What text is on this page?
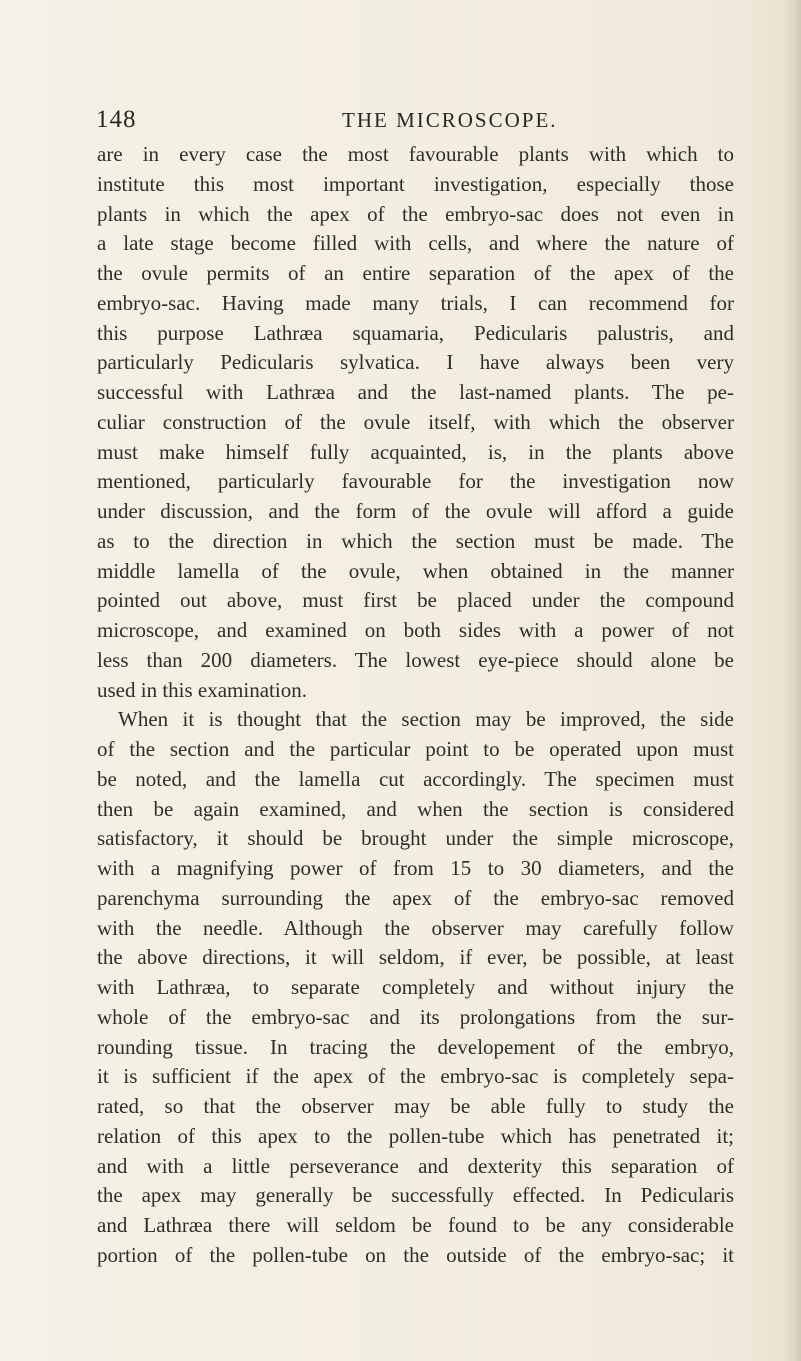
148	THE MICROSCOPE.

are in every case the most favourable plants with which to
institute this most important investigation, especially those
plants in which the apex of the embryo-sac does not even in
a late stage become filled with cells, and where the nature of
the ovule permits of an entire separation of the apex of the
embryo-sac. Having made many trials, I can recommend for
this purpose Lathræa squamaria, Pedicularis palustris, and
particularly Pedicularis sylvatica. I have always been very
successful with Lathræa and the last-named plants. The pe-
culiar construction of the ovule itself, with which the observer
must make himself fully acquainted, is, in the plants above
mentioned, particularly favourable for the investigation now
under discussion, and the form of the ovule will afford a guide
as to the direction in which the section must be made. The
middle lamella of the ovule, when obtained in the manner
pointed out above, must first be placed under the compound
microscope, and examined on both sides with a power of not
less than 200 diameters. The lowest eye-piece should alone be
used in this examination.

When it is thought that the section may be improved, the side
of the section and the particular point to be operated upon must
be noted, and the lamella cut accordingly. The specimen must
then be again examined, and when the section is considered
satisfactory, it should be brought under the simple microscope,
with a magnifying power of from 15 to 30 diameters, and the
parenchyma surrounding the apex of the embryo-sac removed
with the needle. Although the observer may carefully follow
the above directions, it will seldom, if ever, be possible, at least
with Lathræa, to separate completely and without injury the
whole of the embryo-sac and its prolongations from the sur-
rounding tissue. In tracing the developement of the embryo,
it is sufficient if the apex of the embryo-sac is completely sepa-
rated, so that the observer may be able fully to study the
relation of this apex to the pollen-tube which has penetrated it;
and with a little perseverance and dexterity this separation of
the apex may generally be successfully effected. In Pedicularis
and Lathræa there will seldom be found to be any considerable
portion of the pollen-tube on the outside of the embryo-sac; it
